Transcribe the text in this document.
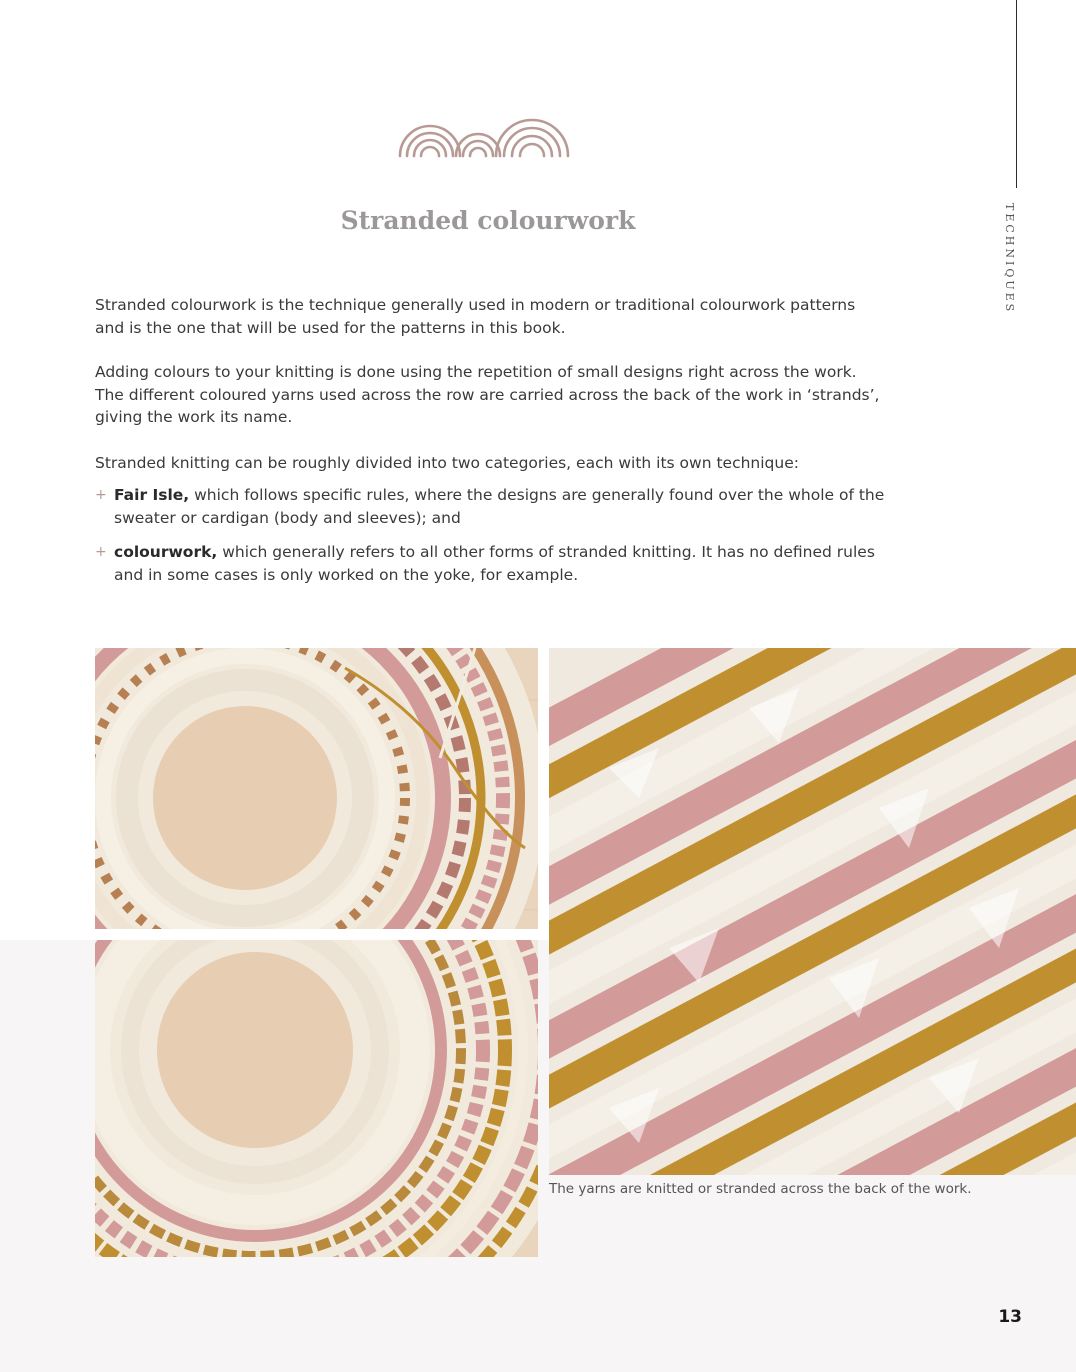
TECHNIQUES
Stranded colourwork

Stranded colourwork is the technique generally used in modern or traditional colourwork patterns and is the one that will be used for the patterns in this book.

Adding colours to your knitting is done using the repetition of small designs right across the work. The different coloured yarns used across the row are carried across the back of the work in ‘strands’, giving the work its name.

Stranded knitting can be roughly divided into two categories, each with its own technique:

+ Fair Isle, which follows specific rules, where the designs are generally found over the whole of the sweater or cardigan (body and sleeves); and
+ colourwork, which generally refers to all other forms of stranded knitting. It has no defined rules and in some cases is only worked on the yoke, for example.

The yarns are knitted or stranded across the back of the work.

13
